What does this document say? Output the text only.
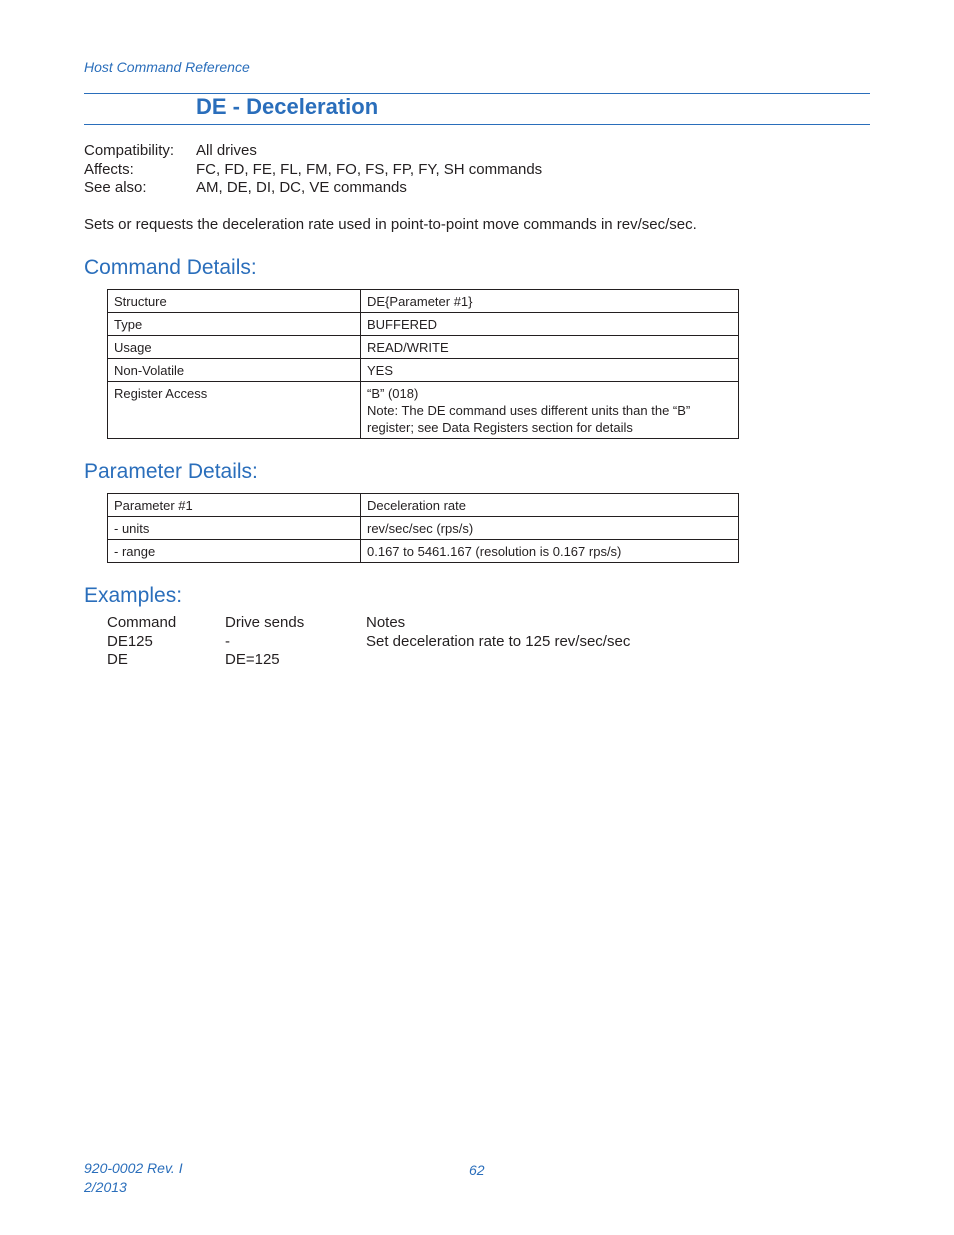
Host Command Reference
DE - Deceleration
Compatibility:	All drives
Affects:	FC, FD, FE, FL, FM, FO, FS, FP, FY, SH commands
See also:	AM, DE, DI, DC, VE commands
Sets or requests the deceleration rate used in point-to-point move commands in rev/sec/sec.
Command Details:
Structure	DE{Parameter #1}
Type	BUFFERED
Usage	READ/WRITE
Non-Volatile	YES
Register Access	“B” (018)
Note: The DE command uses different units than the “B”
register; see Data Registers section for details
Parameter Details:
Parameter #1	Deceleration rate
- units	rev/sec/sec (rps/s)
- range	0.167 to 5461.167 (resolution is 0.167 rps/s)
Examples:
Command	Drive sends	Notes
DE125	-	Set deceleration rate to 125 rev/sec/sec
DE	DE=125
920-0002 Rev. I
2/2013
62
